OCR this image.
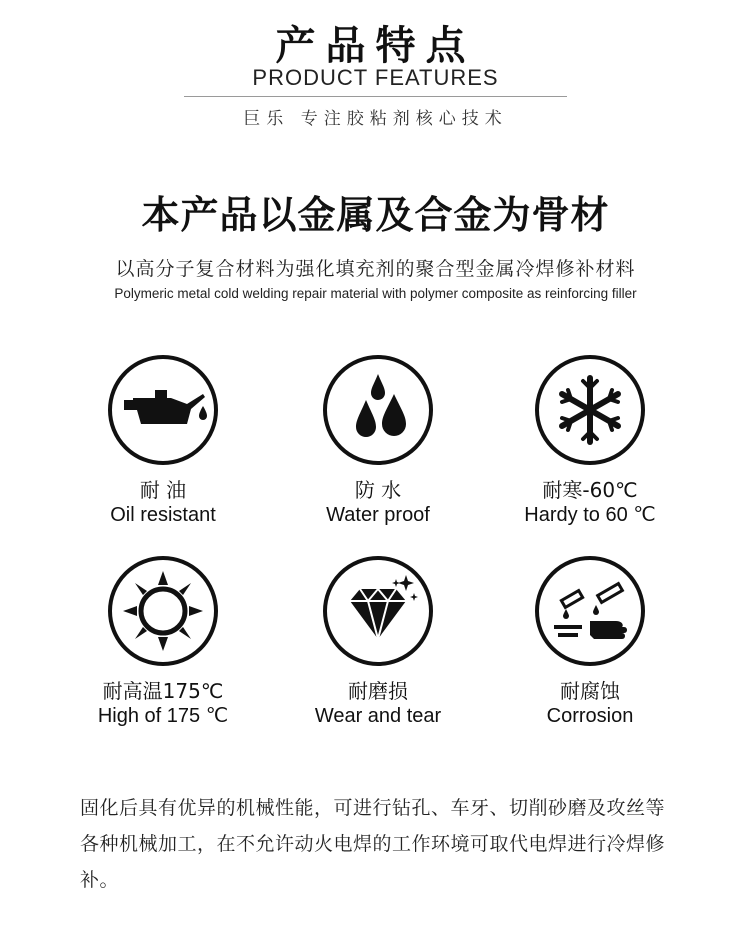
产品特点
PRODUCT FEATURES
巨乐 专注胶粘剂核心技术
本产品以金属及合金为骨材
以高分子复合材料为强化填充剂的聚合型金属冷焊修补材料
Polymeric metal cold welding repair material with polymer composite as reinforcing filler
耐 油
Oil resistant
防 水
Water proof
耐寒-60℃
Hardy to 60 ℃
耐高温175℃
High of 175 ℃
耐磨损
Wear and tear
耐腐蚀
Corrosion
固化后具有优异的机械性能，可进行钻孔、车牙、切削砂磨及攻丝等各种机械加工，在不允许动火电焊的工作环境可取代电焊进行冷焊修补。
